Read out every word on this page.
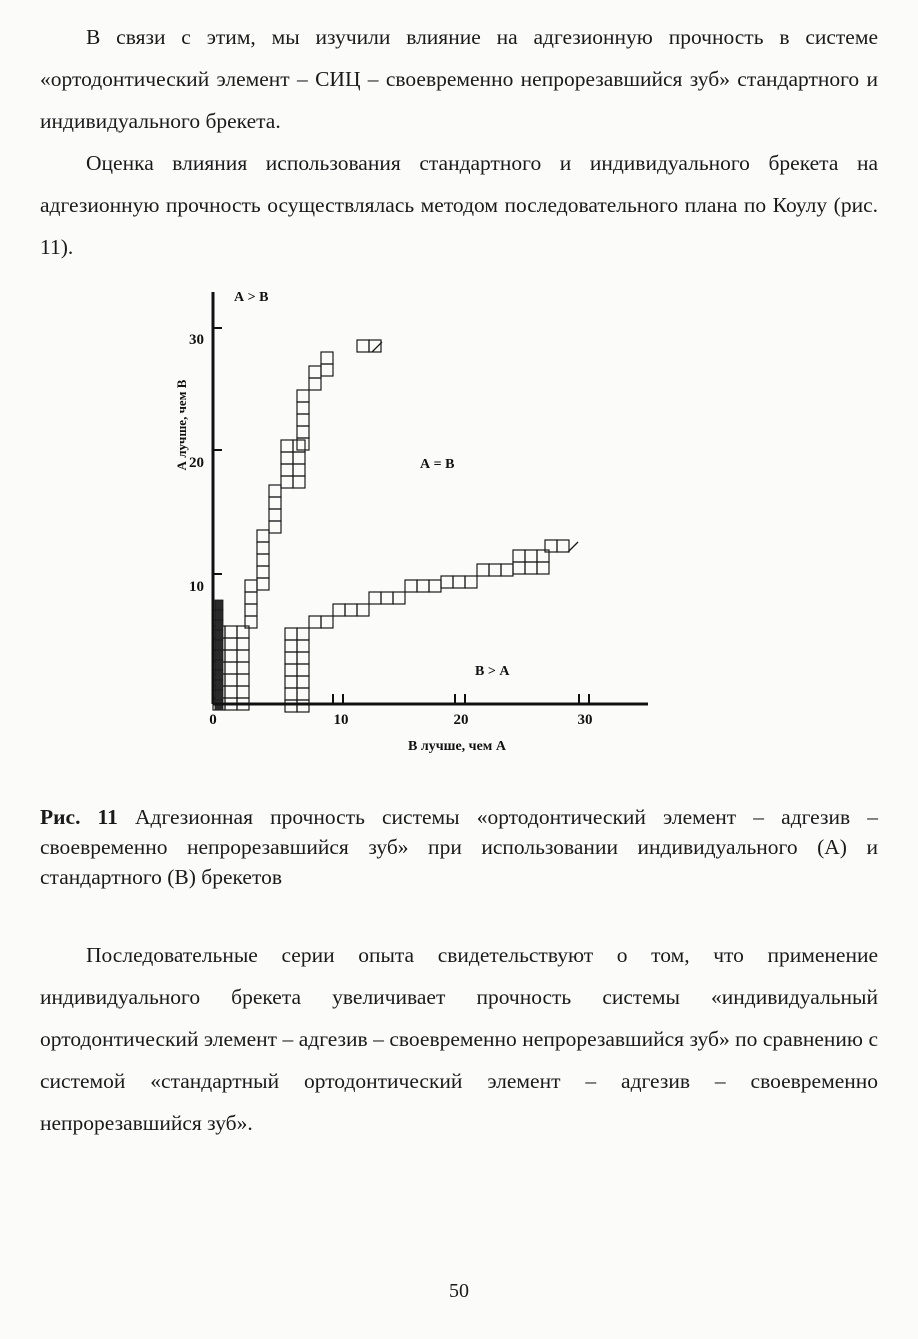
В связи с этим, мы изучили влияние на адгезионную прочность в системе «ортодонтический элемент – СИЦ – своевременно непрорезавшийся зуб» стандартного и индивидуального брекета.

Оценка влияния использования стандартного и индивидуального брекета на адгезионную прочность осуществлялась методом последовательного плана по Коулу (рис. 11).

30
20
10
0	10	20	30
А > В
А = В
В > А
А лучше, чем В
В лучше, чем А

Рис. 11 Адгезионная прочность системы «ортодонтический элемент – адгезив – своевременно непрорезавшийся зуб» при использовании индивидуального (А) и стандартного (В) брекетов

Последовательные серии опыта свидетельствуют о том, что применение индивидуального брекета увеличивает прочность системы «индивидуальный ортодонтический элемент – адгезив – своевременно непрорезавшийся зуб» по сравнению с системой «стандартный ортодонтический элемент – адгезив – своевременно непрорезавшийся зуб».

50
